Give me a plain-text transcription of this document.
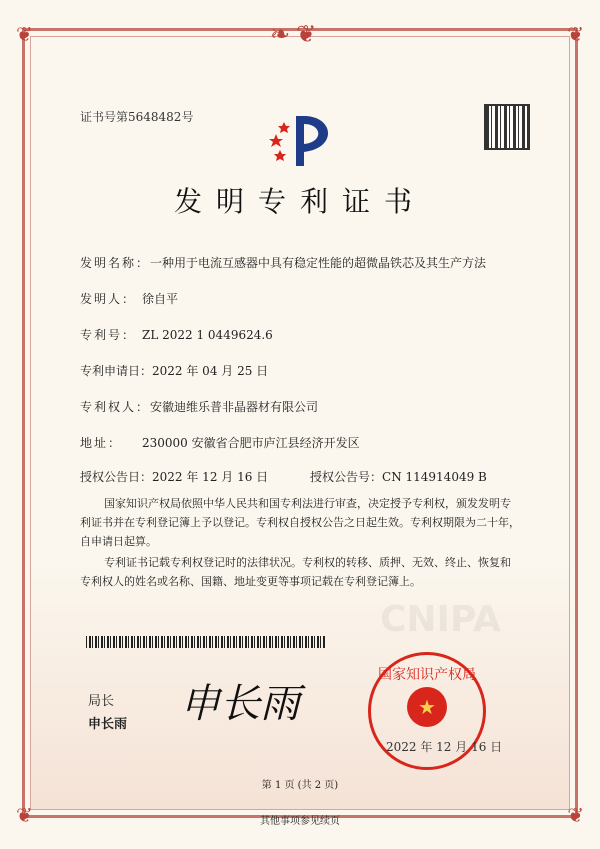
❦	❦
❦	❦
❧❦
CNIPA
证书号第5648482号
发明专利证书
发明名称：一种用于电流互感器中具有稳定性能的超微晶铁芯及其生产方法
发明人： 徐自平
专利号： ZL 2022 1 0449624.6
专利申请日：2022 年 04 月 25 日
专利权人：安徽迪维乐普非晶器材有限公司
地址： 230000 安徽省合肥市庐江县经济开发区
授权公告日：2022 年 12 月 16 日	授权公告号：CN 114914049 B
国家知识产权局依照中华人民共和国专利法进行审查，决定授予专利权，颁发发明专利证书并在专利登记簿上予以登记。专利权自授权公告之日起生效。专利权期限为二十年，自申请日起算。
专利证书记载专利权登记时的法律状况。专利权的转移、质押、无效、终止、恢复和专利权人的姓名或名称、国籍、地址变更等事项记载在专利登记簿上。
局长
申长雨 申长雨
国家知识产权局
★
2022 年 12 月 16 日
第 1 页 (共 2 页)
其他事项参见续页
